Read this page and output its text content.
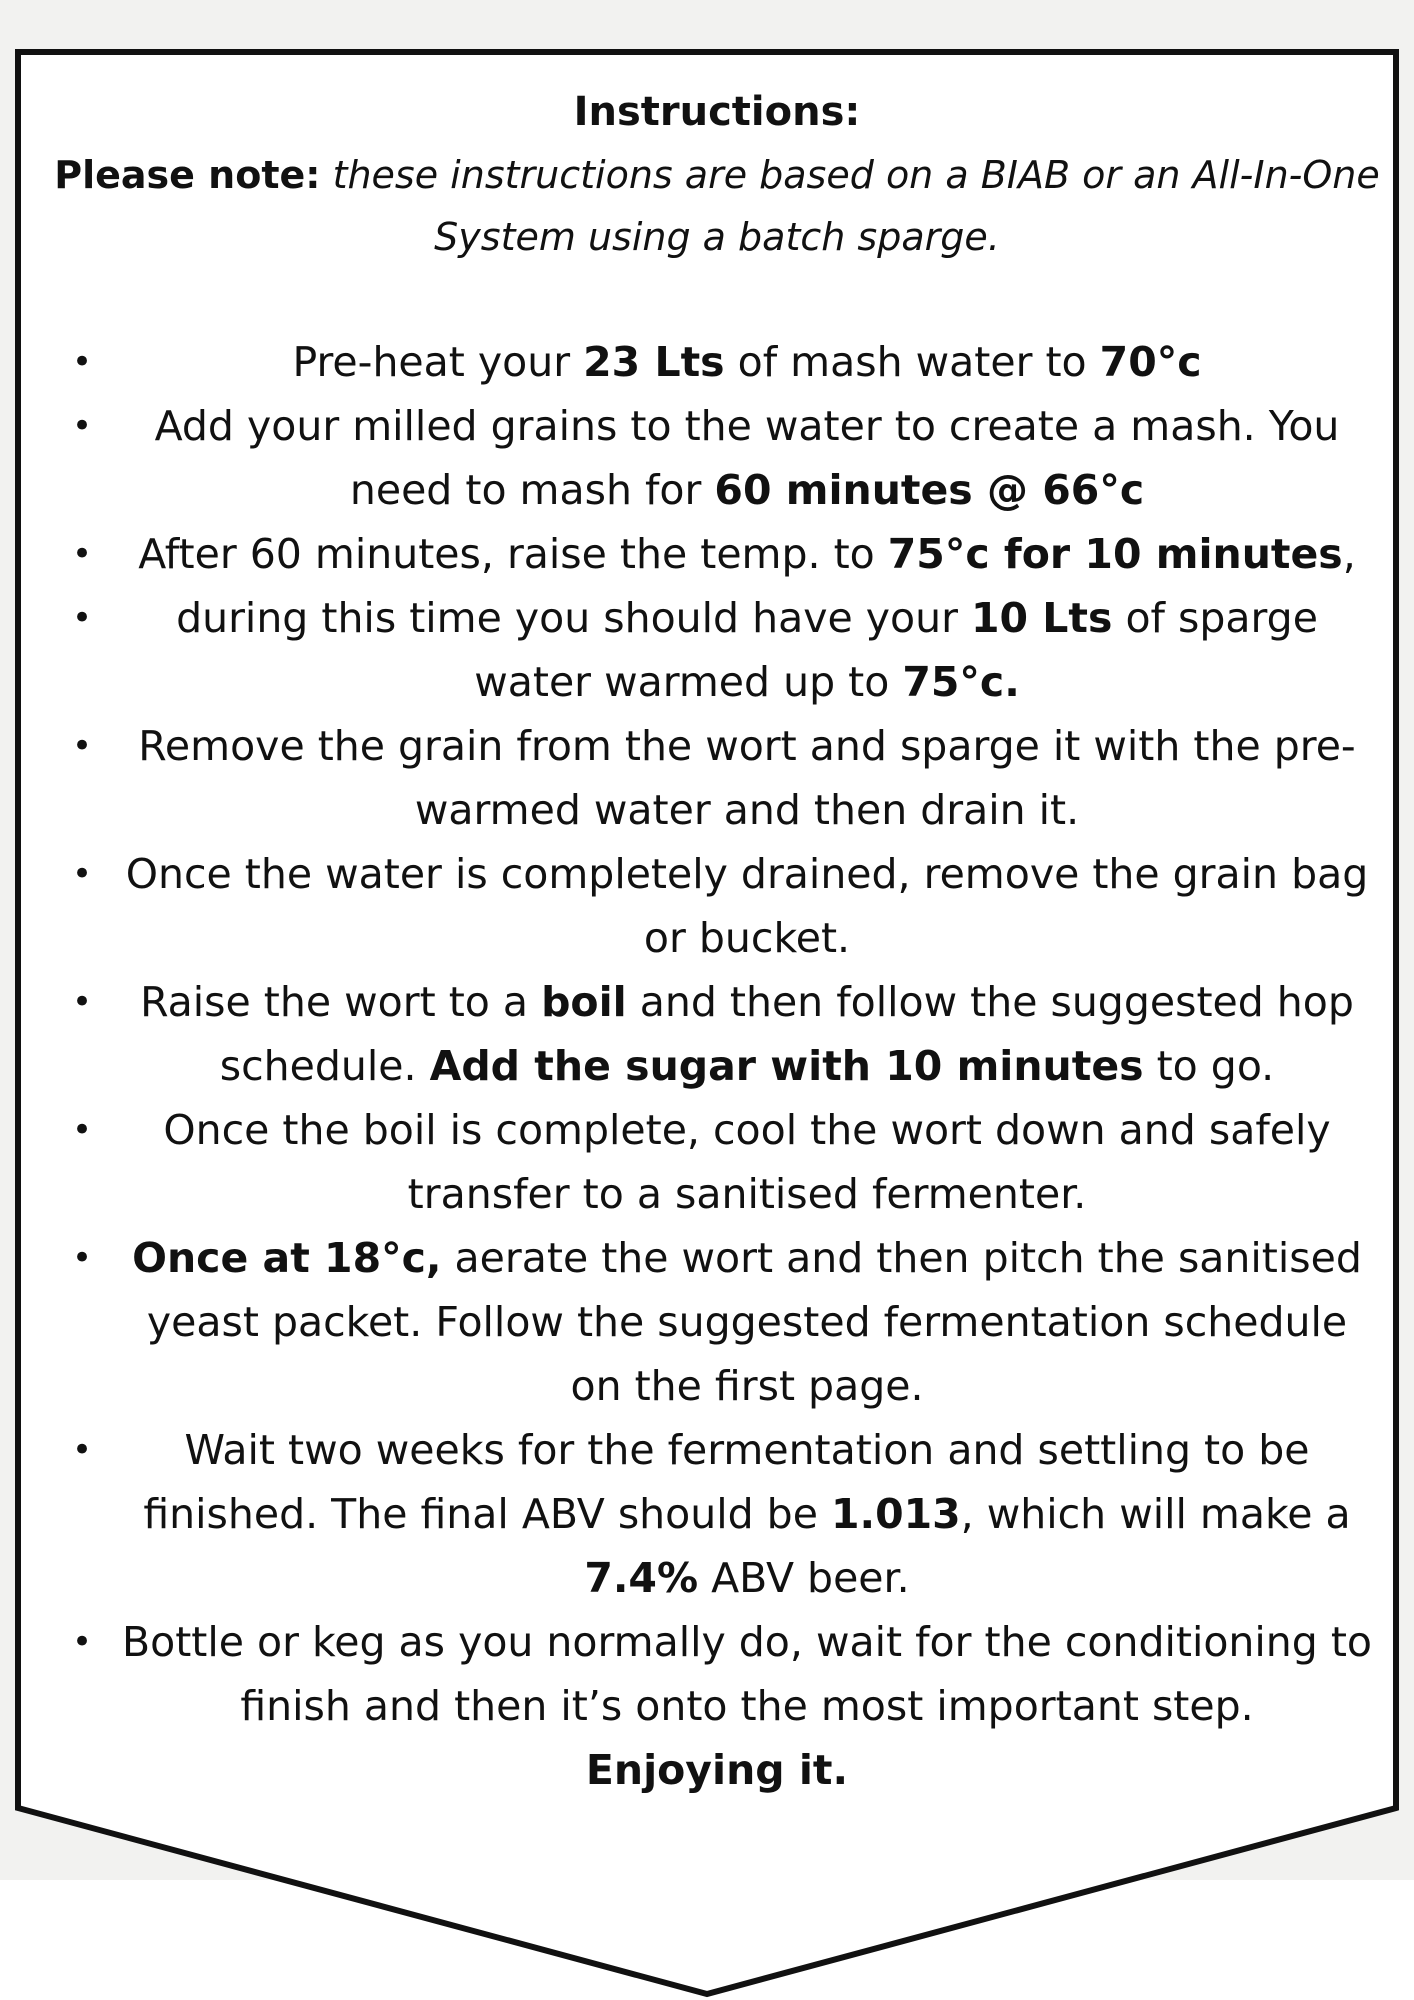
Instructions:

Please note: these instructions are based on a BIAB or an All-In-One System using a batch sparge.

•	Pre-heat your 23 Lts of mash water to 70°c
• Add your milled grains to the water to create a mash. You need to mash for 60 minutes @ 66°c
• After 60 minutes, raise the temp. to 75°c for 10 minutes,
• during this time you should have your 10 Lts of sparge water warmed up to 75°c.
• Remove the grain from the wort and sparge it with the pre-warmed water and then drain it.
• Once the water is completely drained, remove the grain bag or bucket.
• Raise the wort to a boil and then follow the suggested hop schedule. Add the sugar with 10 minutes to go.
• Once the boil is complete, cool the wort down and safely transfer to a sanitised fermenter.
• Once at 18°c, aerate the wort and then pitch the sanitised yeast packet. Follow the suggested fermentation schedule on the first page.
• Wait two weeks for the fermentation and settling to be finished. The final ABV should be 1.013, which will make a 7.4% ABV beer.
• Bottle or keg as you normally do, wait for the conditioning to finish and then it’s onto the most important step.

Enjoying it.
